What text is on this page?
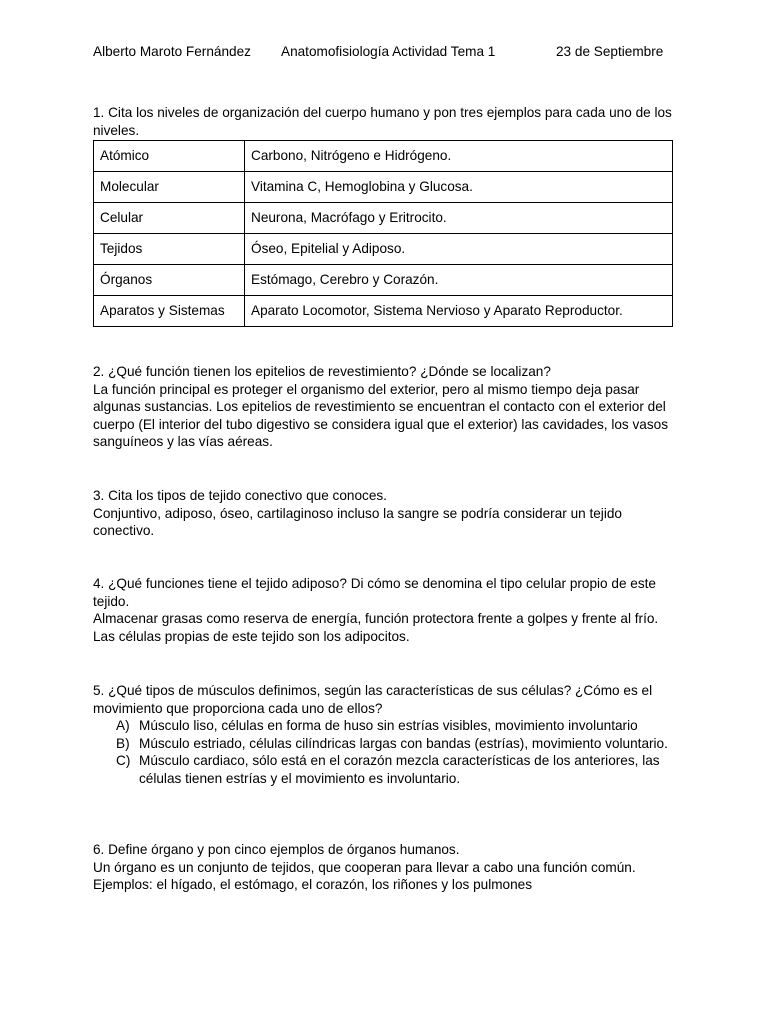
Alberto Maroto Fernández Anatomofisiología Actividad Tema 1	23 de Septiembre

1. Cita los niveles de organización del cuerpo humano y pon tres ejemplos para cada uno de los niveles.

Atómico	Carbono, Nitrógeno e Hidrógeno.
Molecular	Vitamina C, Hemoglobina y Glucosa.
Celular	Neurona, Macrófago y Eritrocito.
Tejidos	Óseo, Epitelial y Adiposo.
Órganos	Estómago, Cerebro y Corazón.
Aparatos y Sistemas	Aparato Locomotor, Sistema Nervioso y Aparato Reproductor.

2. ¿Qué función tienen los epitelios de revestimiento? ¿Dónde se localizan?

La función principal es proteger el organismo del exterior, pero al mismo tiempo deja pasar algunas sustancias. Los epitelios de revestimiento se encuentran el contacto con el exterior del cuerpo (El interior del tubo digestivo se considera igual que el exterior) las cavidades, los vasos sanguíneos y las vías aéreas.

3. Cita los tipos de tejido conectivo que conoces.

Conjuntivo, adiposo, óseo, cartilaginoso incluso la sangre se podría considerar un tejido conectivo.

4. ¿Qué funciones tiene el tejido adiposo? Di cómo se denomina el tipo celular propio de este tejido.

Almacenar grasas como reserva de energía, función protectora frente a golpes y frente al frío. Las células propias de este tejido son los adipocitos.

5. ¿Qué tipos de músculos definimos, según las características de sus células? ¿Cómo es el movimiento que proporciona cada uno de ellos?

A) Músculo liso, células en forma de huso sin estrías visibles, movimiento involuntario
B) Músculo estriado, células cilíndricas largas con bandas (estrías), movimiento voluntario.
C) Músculo cardiaco, sólo está en el corazón mezcla características de los anteriores, las células tienen estrías y el movimiento es involuntario.

6. Define órgano y pon cinco ejemplos de órganos humanos.

Un órgano es un conjunto de tejidos, que cooperan para llevar a cabo una función común.

Ejemplos: el hígado, el estómago, el corazón, los riñones y los pulmones
